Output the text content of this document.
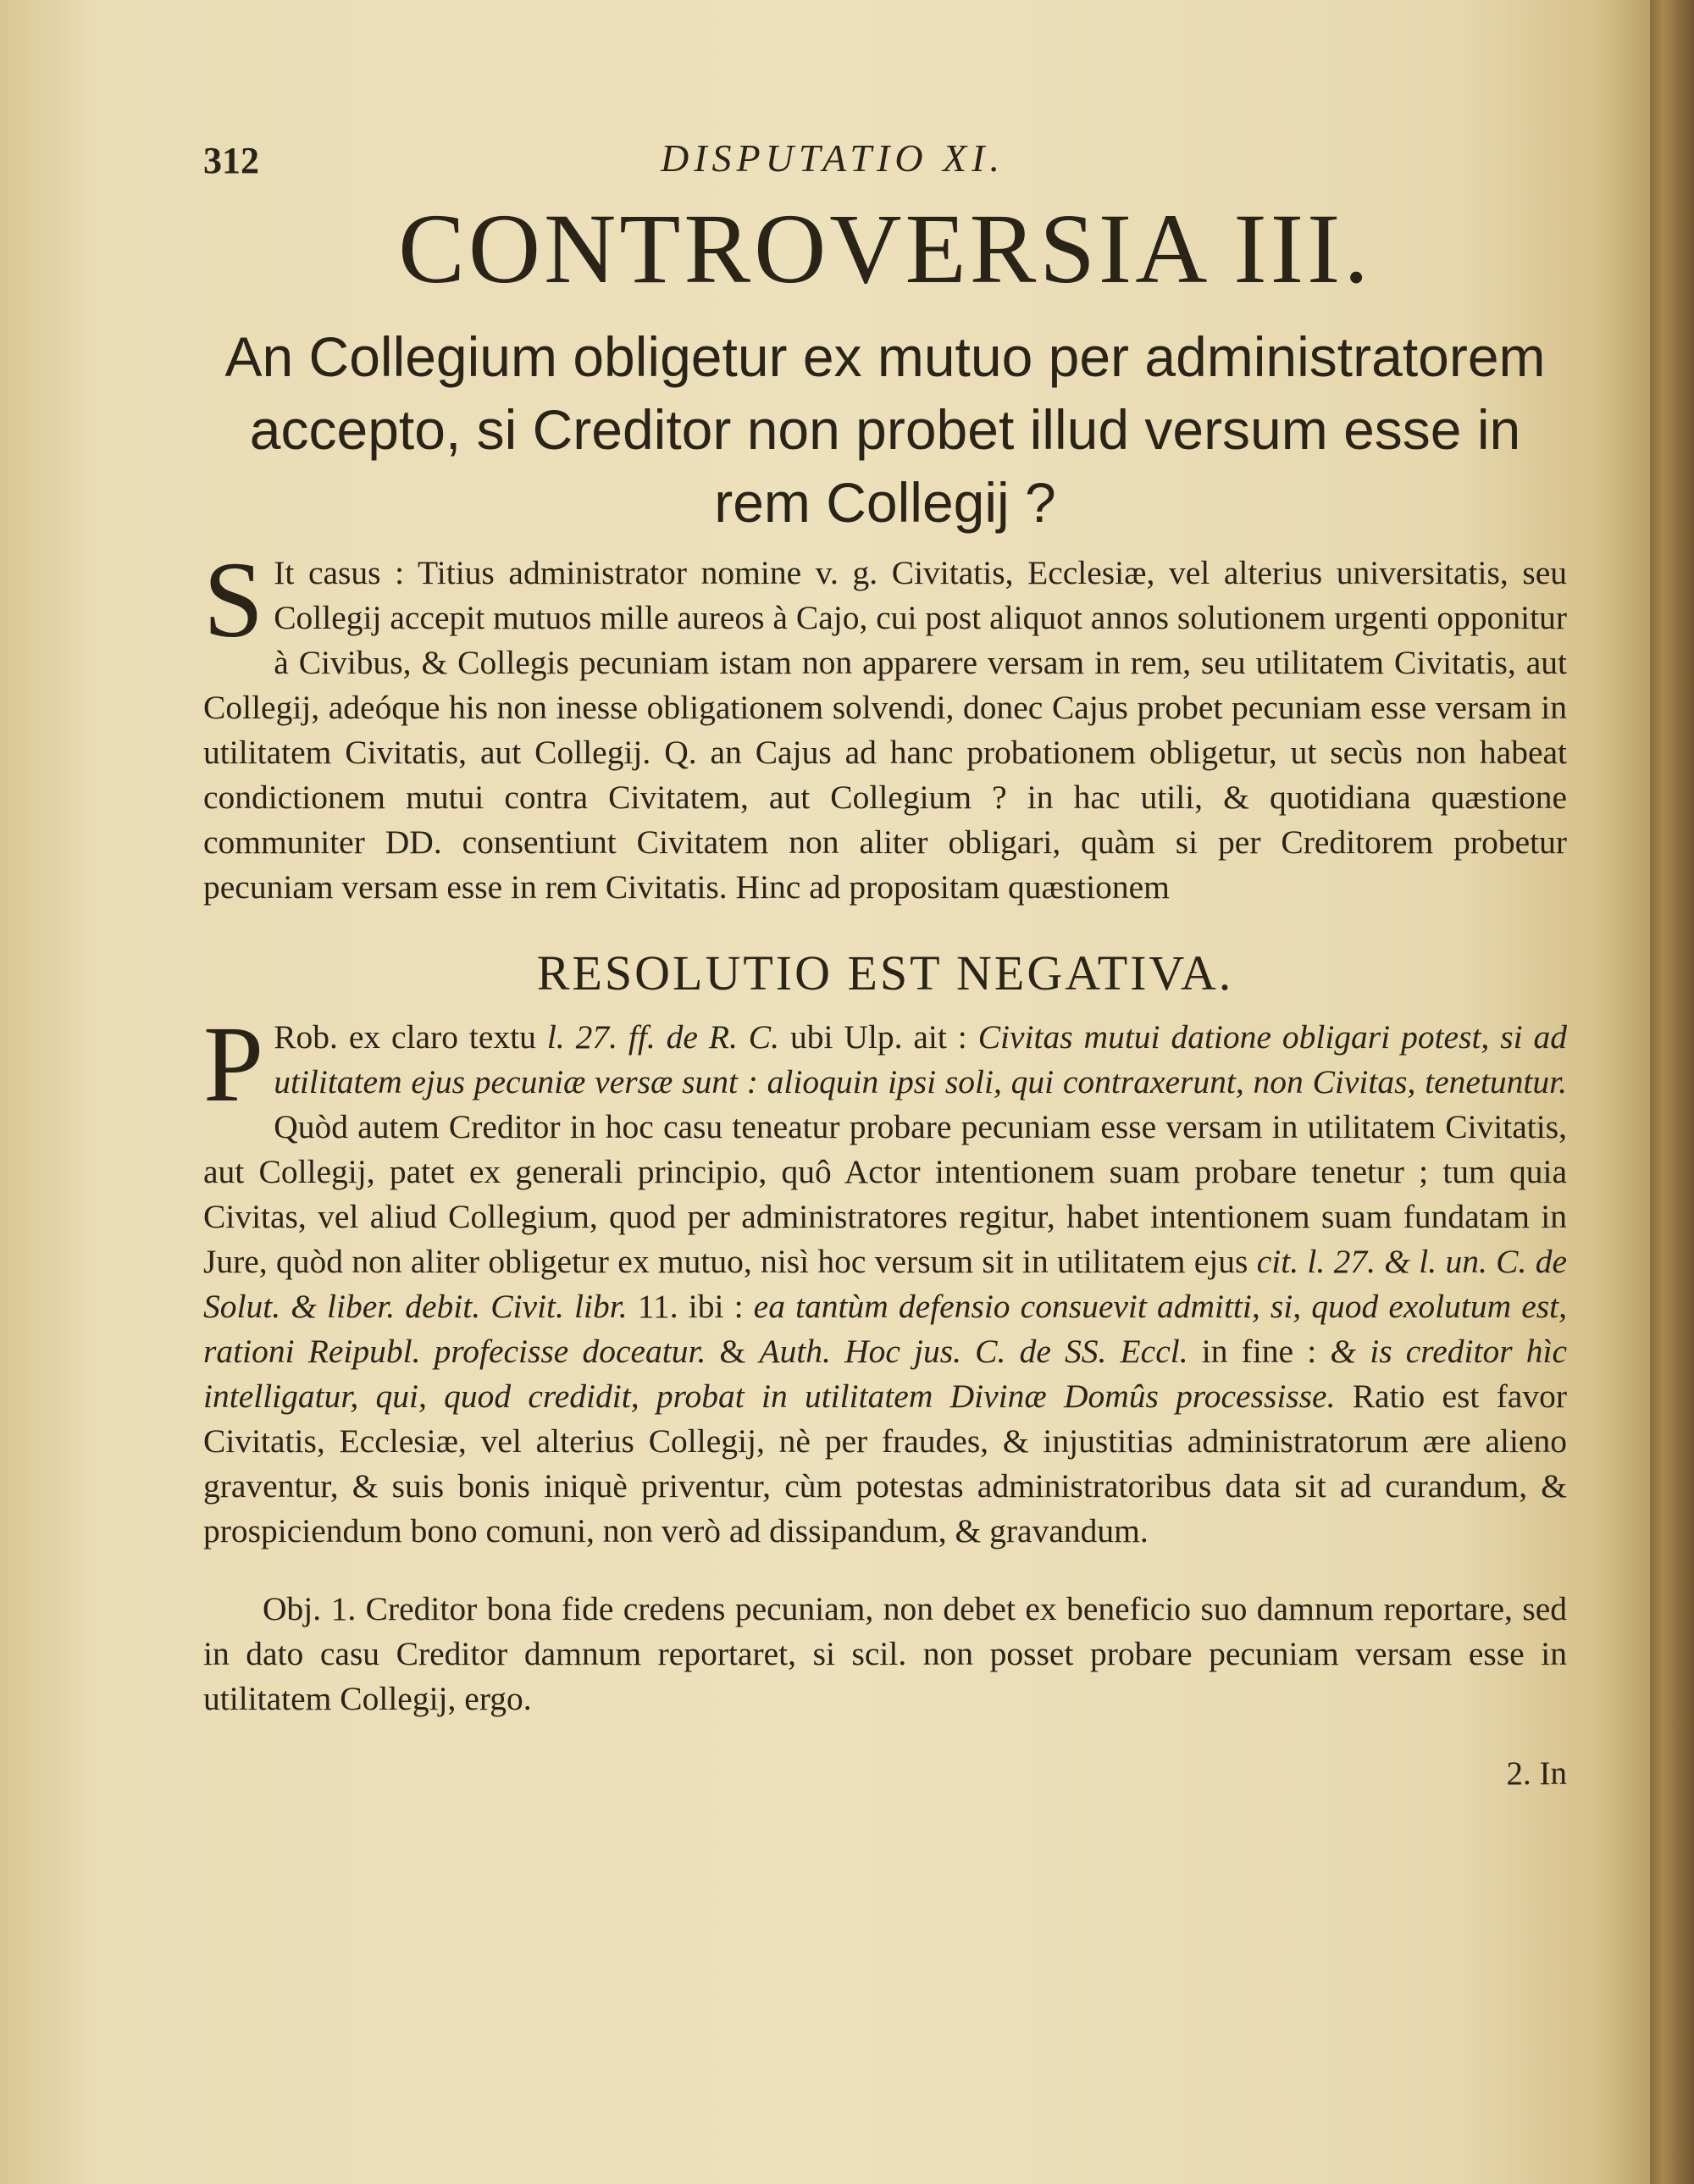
312	DISPUTATIO XI.
CONTROVERSIA III.
An Collegium obligetur ex mutuo per administratorem accepto, si Creditor non probet illud versum esse in rem Collegij ?

S It casus : Titius administrator nomine v. g. Civitatis, Ecclesiæ, vel alterius universitatis, seu Collegij accepit mutuos mille aureos à Cajo, cui post aliquot annos solutionem urgenti opponitur à Civibus, & Collegis pecuniam istam non apparere versam in rem, seu utilitatem Civitatis, aut Collegij, adeóque his non inesse obligationem solvendi, donec Cajus probet pecuniam esse versam in utilitatem Civitatis, aut Collegij. Q. an Cajus ad hanc probationem obligetur, ut secùs non habeat condictionem mutui contra Civitatem, aut Collegium ? in hac utili, & quotidiana quæstione communiter DD. consentiunt Civitatem non aliter obligari, quàm si per Creditorem probetur pecuniam versam esse in rem Civitatis. Hinc ad propositam quæstionem

RESOLUTIO EST NEGATIVA.

P Rob. ex claro textu l. 27. ff. de R. C. ubi Ulp. ait : Civitas mutui datione obligari potest, si ad utilitatem ejus pecuniæ versæ sunt : alioquin ipsi soli, qui contraxerunt, non Civitas, tenetuntur. Quòd autem Creditor in hoc casu teneatur probare pecuniam esse versam in utilitatem Civitatis, aut Collegij, patet ex generali principio, quô Actor intentionem suam probare tenetur ; tum quia Civitas, vel aliud Collegium, quod per administratores regitur, habet intentionem suam fundatam in Jure, quòd non aliter obligetur ex mutuo, nisì hoc versum sit in utilitatem ejus cit. l. 27. & l. un. C. de Solut. & liber. debit. Civit. libr. 11. ibi : ea tantùm defensio consuevit admitti, si, quod exolutum est, rationi Reipubl. profecisse doceatur. & Auth. Hoc jus. C. de SS. Eccl. in fine : & is creditor hìc intelligatur, qui, quod credidit, probat in utilitatem Divinæ Domûs processisse. Ratio est favor Civitatis, Ecclesiæ, vel alterius Collegij, nè per fraudes, & injustitias administratorum ære alieno graventur, & suis bonis iniquè priventur, cùm potestas administratoribus data sit ad curandum, & prospiciendum bono comuni, non verò ad dissipandum, & gravandum.

Obj. 1. Creditor bona fide credens pecuniam, non debet ex beneficio suo damnum reportare, sed in dato casu Creditor damnum reportaret, si scil. non posset probare pecuniam versam esse in utilitatem Collegij, ergo.

2. In
